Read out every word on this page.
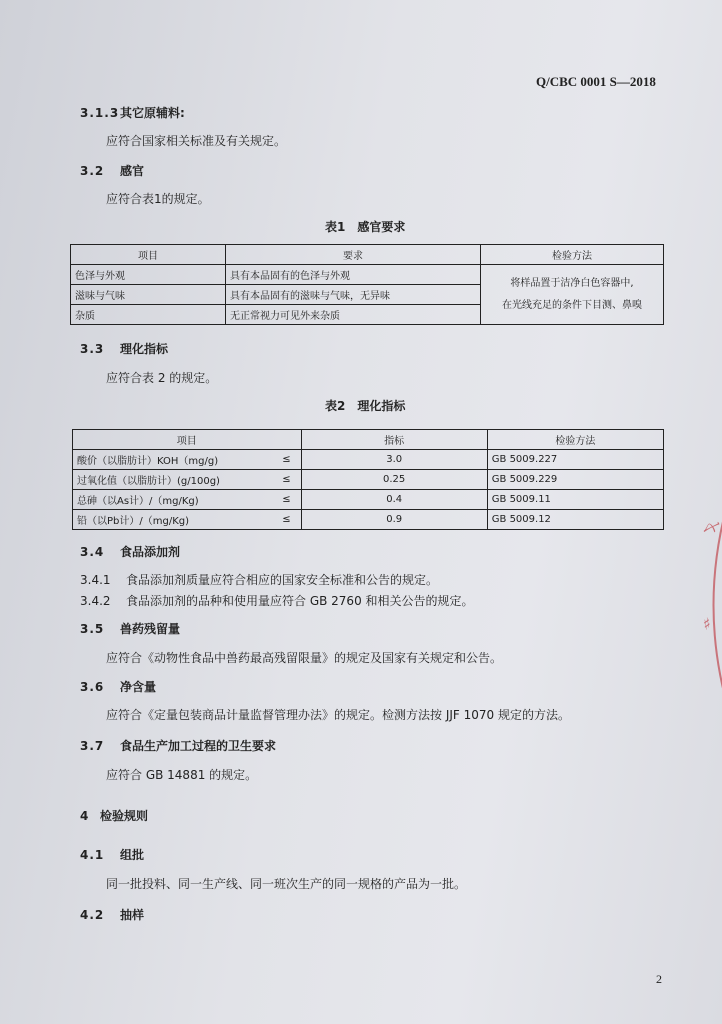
Q/CBC 0001 S—2018
3.1.3其它原辅料:
应符合国家相关标准及有关规定。
3.2 感官
应符合表1的规定。
表1　感官要求
项目	要求	检验方法
色泽与外观	具有本品固有的色泽与外观	将样品置于洁净白色容器中,
在光线充足的条件下目测、鼻嗅

滋味与气味	具有本品固有的滋味与气味，无异味	
杂质	无正常视力可见外来杂质	
3.3 理化指标
应符合表 2 的规定。
表2　理化指标
项目		指标	检验方法
酸价（以脂肪计）KOH（mg/g)	≤	3.0	GB 5009.227
过氧化值（以脂肪计）(g/100g)	≤	0.25	GB 5009.229
总砷（以As计）/（mg/Kg)	≤	0.4	GB 5009.11
铅（以Pb计）/（mg/Kg)	≤	0.9	GB 5009.12
3.4 食品添加剂
3.4.1 食品添加剂质量应符合相应的国家安全标准和公告的规定。
3.4.2 食品添加剂的品种和使用量应符合 GB 2760 和相关公告的规定。
3.5 兽药残留量
应符合《动物性食品中兽药最高残留限量》的规定及国家有关规定和公告。
3.6 净含量
应符合《定量包装商品计量监督管理办法》的规定。检测方法按 JJF 1070 规定的方法。
3.7 食品生产加工过程的卫生要求
应符合 GB 14881 的规定。
4 检验规则
4.1 组批
同一批投料、同一生产线、同一班次生产的同一规格的产品为一批。
4.2 抽样
2
〆
♯
